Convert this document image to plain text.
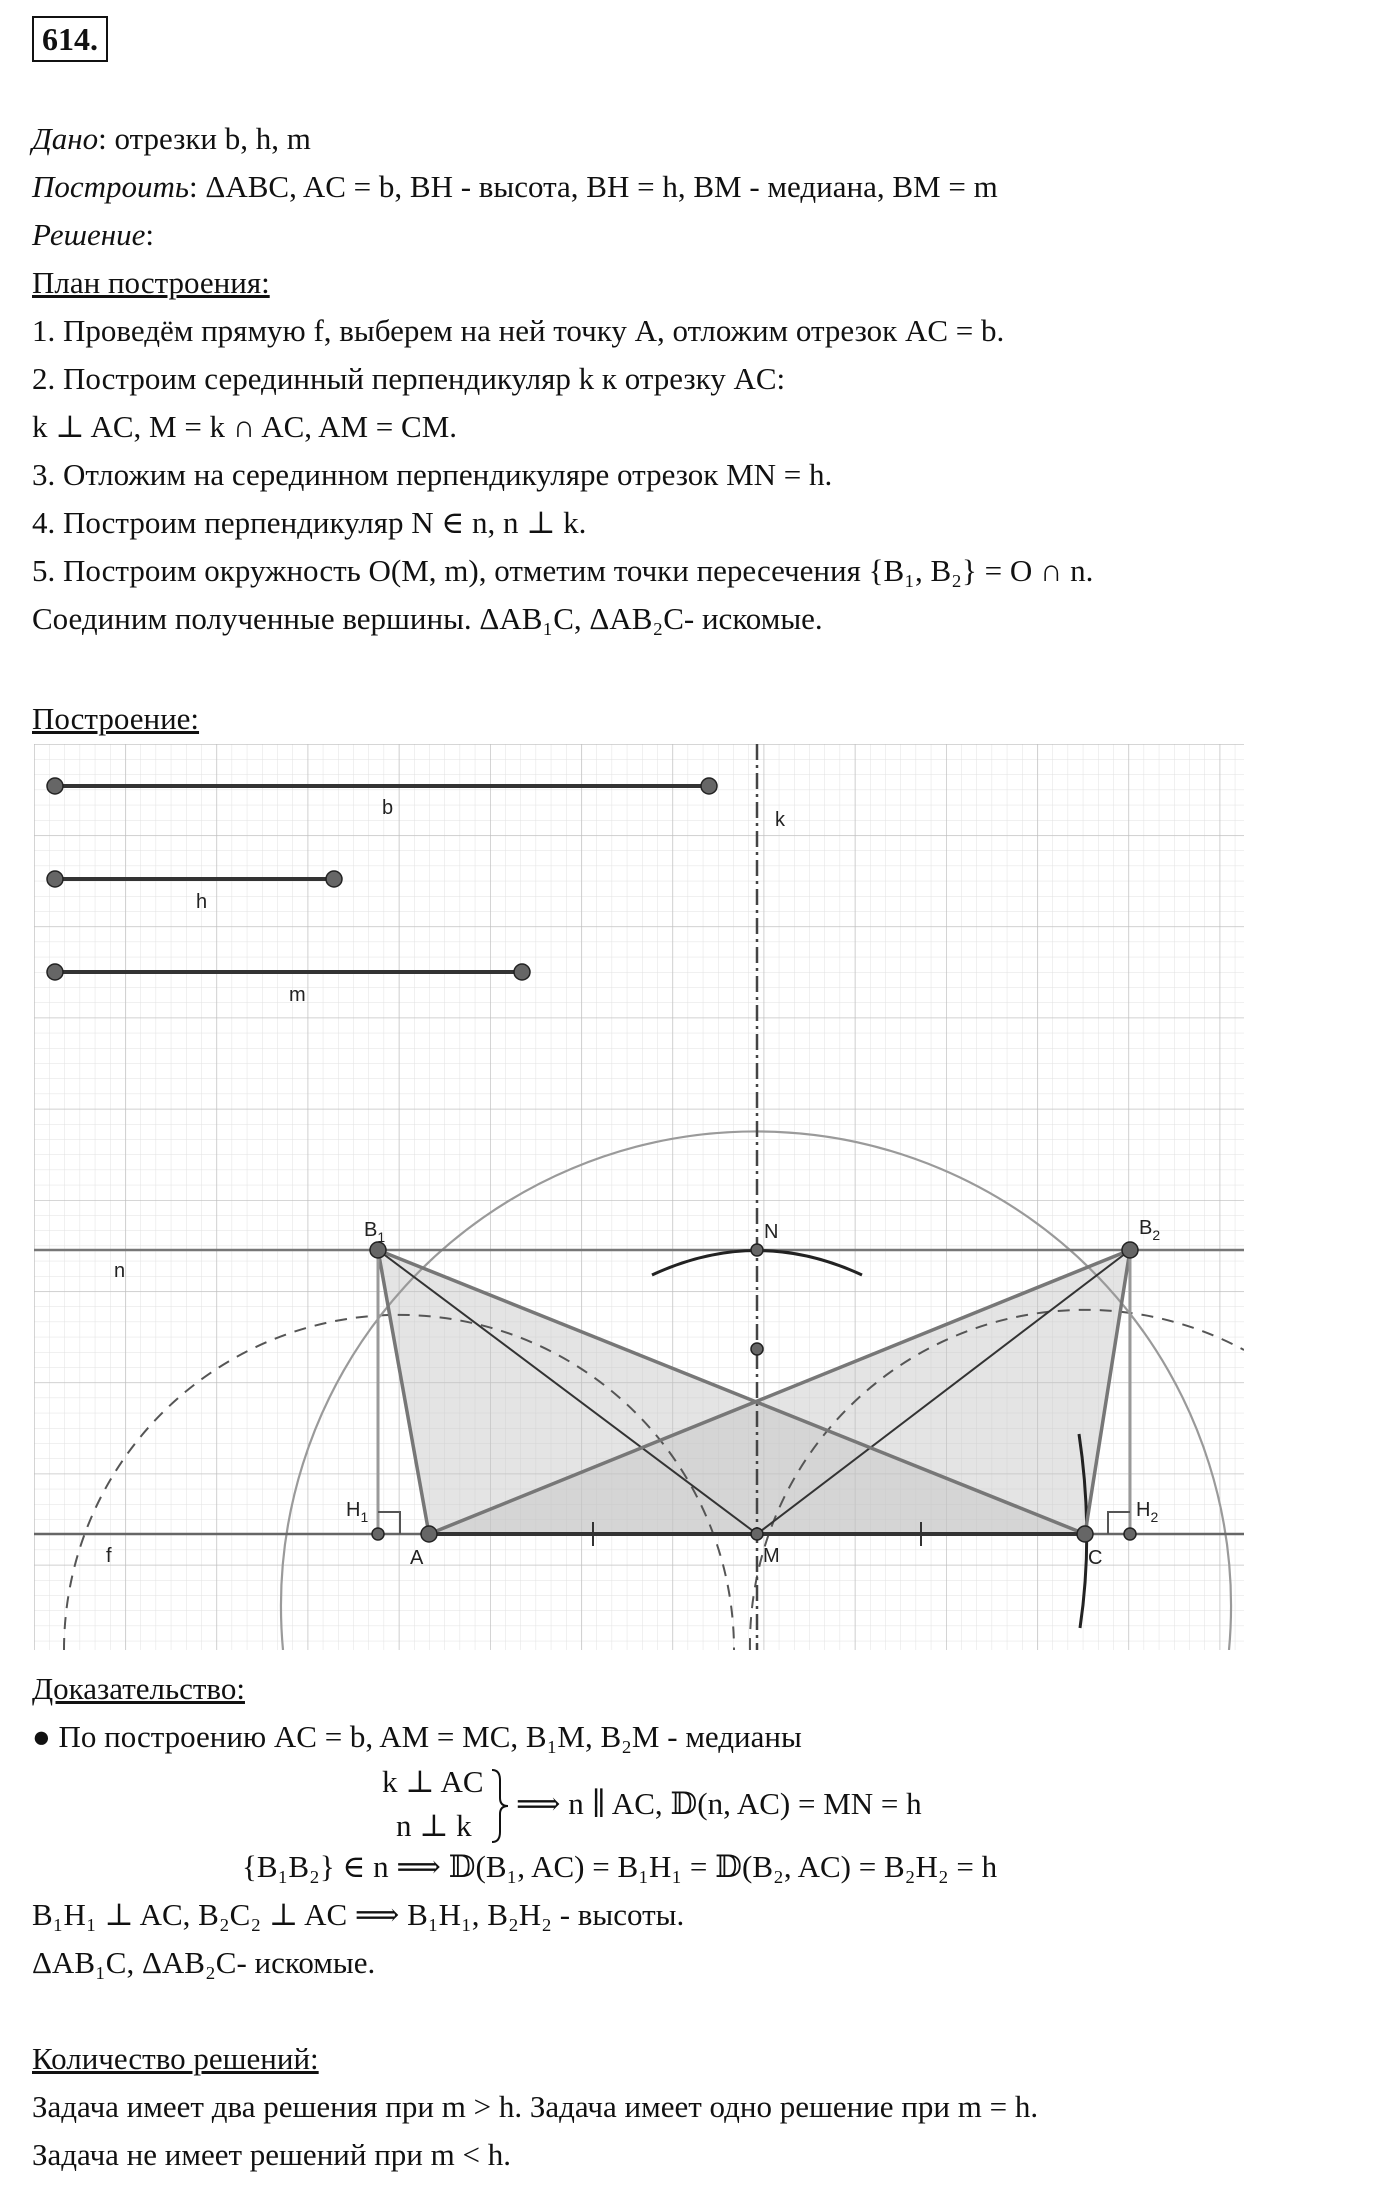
614.
Дано: отрезки b, h, m
Построить: ΔABC, AC = b, BH - высота, BH = h, BM - медиана, BM = m
Решение:
План построения:
1. Проведём прямую f, выберем на ней точку A, отложим отрезок AC = b.
2. Построим серединный перпендикуляр k к отрезку AC:
k ⊥ AC, M = k ∩ AC, AM = CM.
3. Отложим на серединном перпендикуляре отрезок MN = h.
4. Построим перпендикуляр N ∈ n, n ⊥ k.
5. Построим окружность O(M, m), отметим точки пересечения {B₁, B₂} = O ∩ n.
Соединим полученные вершины. ΔAB₁C, ΔAB₂C- искомые.
Построение:
b
h
m
k
n
f
N
$B_1$	$B_2$
$H_1$	$H_2$
A	M	C
Доказательство:
● По построению AC = b, AM = MC, B₁M, B₂M - медианы
k ⊥ AC
n ⊥ k
⟹ n ∥ AC, 𝔻(n, AC) = MN = h
{B₁B₂} ∈ n ⟹ 𝔻(B₁, AC) = B₁H₁ = 𝔻(B₂, AC) = B₂H₂ = h
B₁H₁ ⊥ AC, B₂C₂ ⊥ AC ⟹ B₁H₁, B₂H₂ - высоты.
ΔAB₁C, ΔAB₂C- искомые.
Количество решений:
Задача имеет два решения при m > h. Задача имеет одно решение при m = h.
Задача не имеет решений при m < h.
